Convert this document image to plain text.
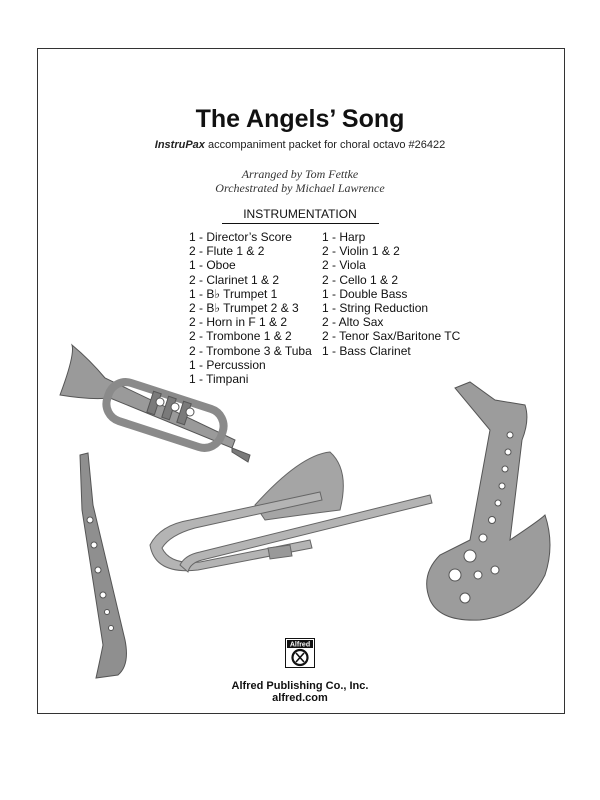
The Angels’ Song
InstruPax accompaniment packet for choral octavo #26422
Arranged by Tom Fettke
Orchestrated by Michael Lawrence
INSTRUMENTATION
1 - Director’s Score
2 - Flute 1 & 2
1 - Oboe
2 - Clarinet 1 & 2
1 - B♭ Trumpet 1
2 - B♭ Trumpet 2 & 3
2 - Horn in F 1 & 2
2 - Trombone 1 & 2
2 - Trombone 3 & Tuba
1 - Percussion
1 - Timpani
1 - Harp
2 - Violin 1 & 2
2 - Viola
2 - Cello 1 & 2
1 - Double Bass
1 - String Reduction
2 - Alto Sax
2 - Tenor Sax/Baritone TC
1 - Bass Clarinet
Alfred
Alfred Publishing Co., Inc.
alfred.com
